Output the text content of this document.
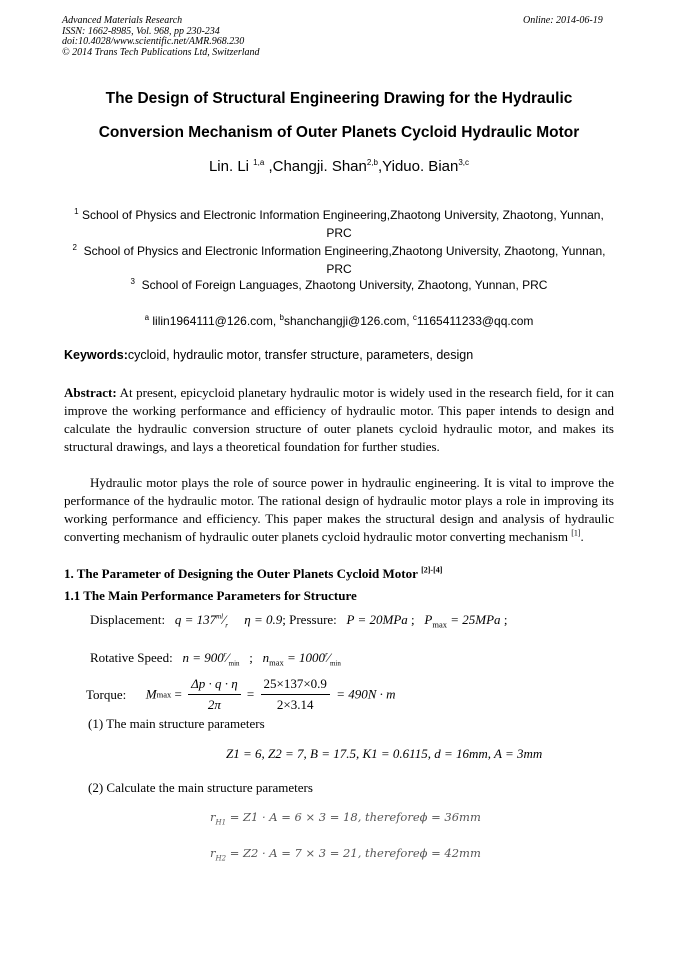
Advanced Materials Research
ISSN: 1662-8985, Vol. 968, pp 230-234
doi:10.4028/www.scientific.net/AMR.968.230
© 2014 Trans Tech Publications Ltd, Switzerland
Online: 2014-06-19
The Design of Structural Engineering Drawing for the Hydraulic
Conversion Mechanism of Outer Planets Cycloid Hydraulic Motor
Lin. Li $^{1,a}$ ,Changji. Shan$^{2,b}$,Yiduo. Bian$^{3,c}$
$^1$ School of Physics and Electronic Information Engineering,Zhaotong University, Zhaotong, Yunnan, PRC
$^2$ School of Physics and Electronic Information Engineering,Zhaotong University, Zhaotong, Yunnan, PRC
$^3$ School of Foreign Languages, Zhaotong University, Zhaotong, Yunnan, PRC
$^a$ lilin1964111@126.com, $^b$shanchangji@126.com, $^c$1165411233@qq.com
Keywords:cycloid, hydraulic motor, transfer structure, parameters, design
Abstract: At present, epicycloid planetary hydraulic motor is widely used in the research field, for it can improve the working performance and efficiency of hydraulic motor. This paper intends to design and calculate the hydraulic conversion structure of outer planets cycloid hydraulic motor, and makes its structural drawings, and lays a theoretical foundation for further studies.
Hydraulic motor plays the role of source power in hydraulic engineering. It is vital to improve the performance of the hydraulic motor. The rational design of hydraulic motor plays a role in improving its working performance and efficiency. This paper makes the structural design and analysis of hydraulic converting mechanism of hydraulic outer planets cycloid hydraulic motor converting mechanism [1].
1. The Parameter of Designing the Outer Planets Cycloid Motor [2]-[4]
1.1 The Main Performance Parameters for Structure
Displacement: $q = 137^{ml}⁄_r$ η = 0.9; Pressure: P = 20MPa ;   $P_{max} = 25MPa$ ;
Rotative Speed: $n = 900^r⁄_{min}$   ;   $n_{max}$ = $1000^r⁄_{min}$
Torque: $Mmax = \frac{\Delta p \cdot q \cdot \eta}{2\pi} = \frac{25\times 137\times 0.9}{2\times 3.14} = 490N \cdot m$
(1) The main structure parameters
Z1 = 6, Z2 = 7, B = 17.5, K1 = 0.6115, d = 16mm, A = 3mm
(2) Calculate the main structure parameters
$r_{H1} = Z1 \cdot A = 6 \times 3 = 18$, thereforeϕ = 36mm
$r_{H2} = Z2 \cdot A = 7 \times 3 = 21$, thereforeϕ = 42mm
